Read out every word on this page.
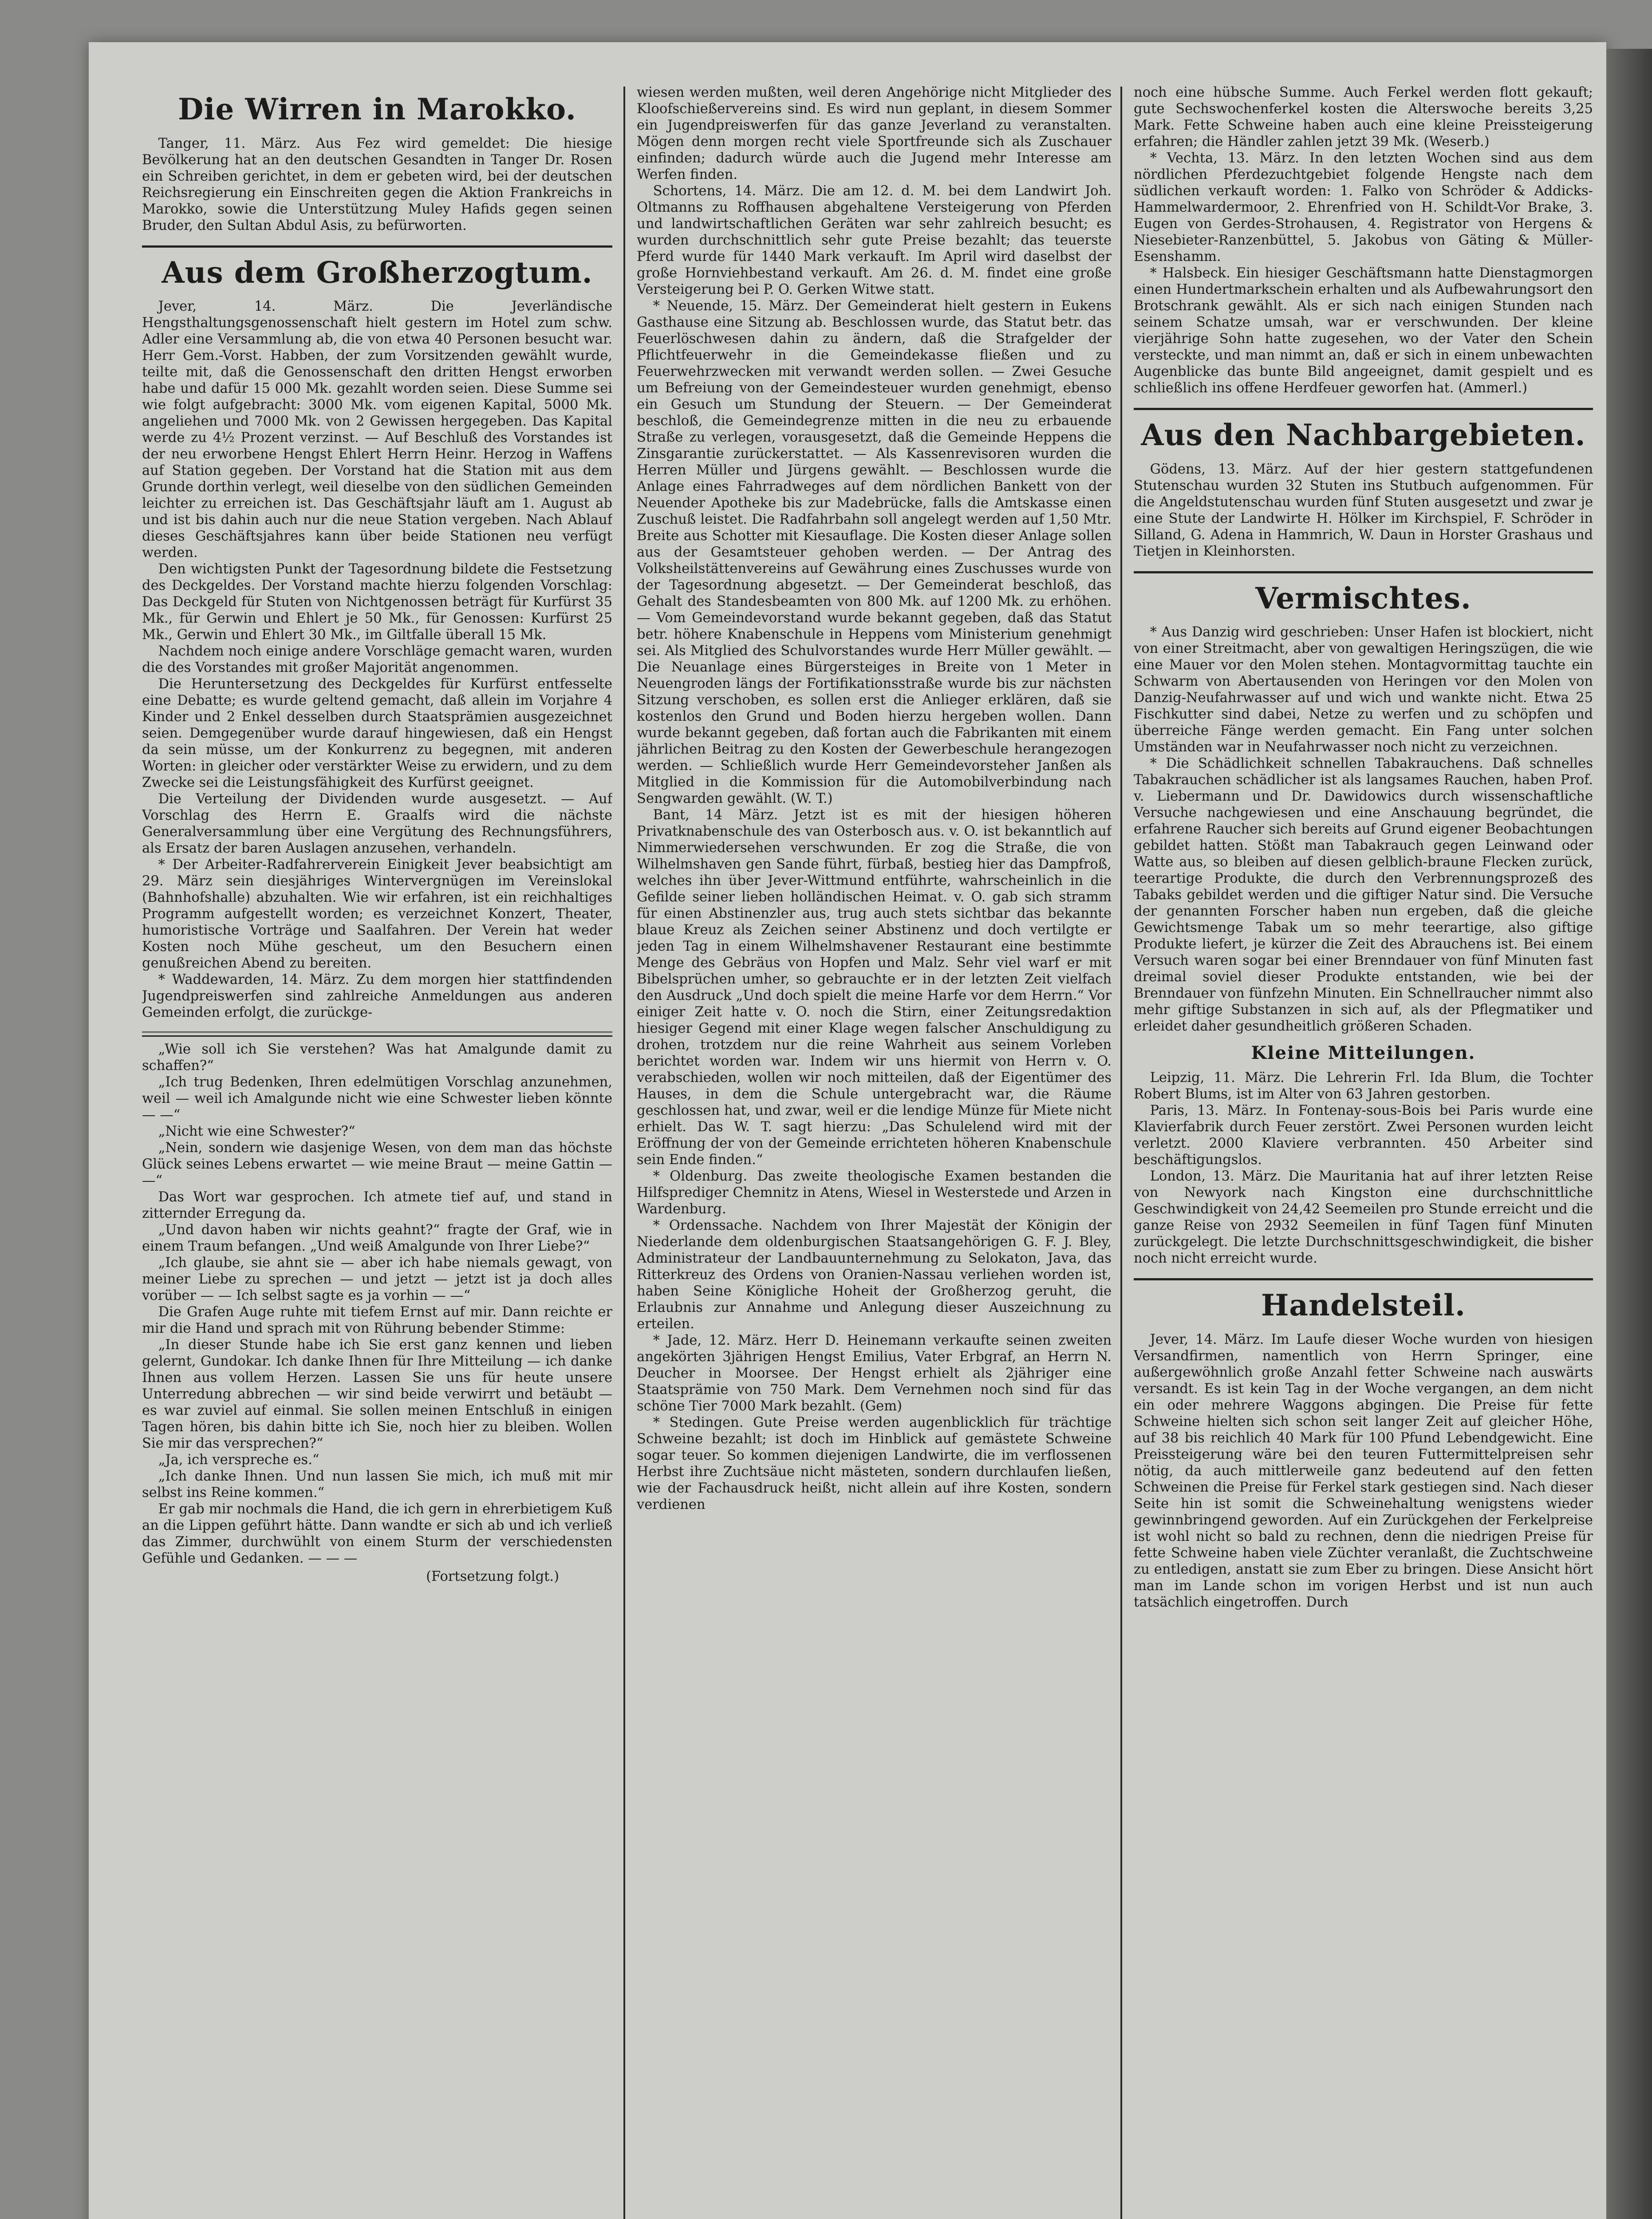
Die Wirren in Marokko.

Tanger, 11. März. Aus Fez wird gemeldet: Die hiesige Bevölkerung hat an den deutschen Gesandten in Tanger Dr. Rosen ein Schreiben gerichtet, in dem er gebeten wird, bei der deutschen Reichsregierung ein Einschreiten gegen die Aktion Frankreichs in Marokko, sowie die Unterstützung Muley Hafids gegen seinen Bruder, den Sultan Abdul Asis, zu befürworten.

Aus dem Großherzogtum.

Jever, 14. März. Die Jeverländische Hengsthaltungsgenossenschaft hielt gestern im Hotel zum schw. Adler eine Versammlung ab, die von etwa 40 Personen besucht war. Herr Gem.-Vorst. Habben, der zum Vorsitzenden gewählt wurde, teilte mit, daß die Genossenschaft den dritten Hengst erworben habe und dafür 15 000 Mk. gezahlt worden seien. Diese Summe sei wie folgt aufgebracht: 3000 Mk. vom eigenen Kapital, 5000 Mk. angeliehen und 7000 Mk. von 2 Gewissen hergegeben. Das Kapital werde zu 4½ Prozent verzinst. — Auf Beschluß des Vorstandes ist der neu erworbene Hengst Ehlert Herrn Heinr. Herzog in Waffens auf Station gegeben. Der Vorstand hat die Station mit aus dem Grunde dorthin verlegt, weil dieselbe von den südlichen Gemeinden leichter zu erreichen ist. Das Geschäftsjahr läuft am 1. August ab und ist bis dahin auch nur die neue Station vergeben. Nach Ablauf dieses Geschäftsjahres kann über beide Stationen neu verfügt werden.

Den wichtigsten Punkt der Tagesordnung bildete die Festsetzung des Deckgeldes. Der Vorstand machte hierzu folgenden Vorschlag: Das Deckgeld für Stuten von Nichtgenossen beträgt für Kurfürst 35 Mk., für Gerwin und Ehlert je 50 Mk., für Genossen: Kurfürst 25 Mk., Gerwin und Ehlert 30 Mk., im Giltfalle überall 15 Mk.

Nachdem noch einige andere Vorschläge gemacht waren, wurden die des Vorstandes mit großer Majorität angenommen.

Die Heruntersetzung des Deckgeldes für Kurfürst entfesselte eine Debatte; es wurde geltend gemacht, daß allein im Vorjahre 4 Kinder und 2 Enkel desselben durch Staatsprämien ausgezeichnet seien. Demgegenüber wurde darauf hingewiesen, daß ein Hengst da sein müsse, um der Konkurrenz zu begegnen, mit anderen Worten: in gleicher oder verstärkter Weise zu erwidern, und zu dem Zwecke sei die Leistungsfähigkeit des Kurfürst geeignet.

Die Verteilung der Dividenden wurde ausgesetzt. — Auf Vorschlag des Herrn E. Graalfs wird die nächste Generalversammlung über eine Vergütung des Rechnungsführers, als Ersatz der baren Auslagen anzusehen, verhandeln.

* Der Arbeiter-Radfahrerverein Einigkeit Jever beabsichtigt am 29. März sein diesjähriges Wintervergnügen im Vereinslokal (Bahnhofshalle) abzuhalten. Wie wir erfahren, ist ein reichhaltiges Programm aufgestellt worden; es verzeichnet Konzert, Theater, humoristische Vorträge und Saalfahren. Der Verein hat weder Kosten noch Mühe gescheut, um den Besuchern einen genußreichen Abend zu bereiten.

* Waddewarden, 14. März. Zu dem morgen hier stattfindenden Jugendpreiswerfen sind zahlreiche Anmeldungen aus anderen Gemeinden erfolgt, die zurückge-

„Wie soll ich Sie verstehen? Was hat Amalgunde damit zu schaffen?“

„Ich trug Bedenken, Ihren edelmütigen Vorschlag anzunehmen, weil — weil ich Amalgunde nicht wie eine Schwester lieben könnte — —“

„Nicht wie eine Schwester?“

„Nein, sondern wie dasjenige Wesen, von dem man das höchste Glück seines Lebens erwartet — wie meine Braut — meine Gattin — —“

Das Wort war gesprochen. Ich atmete tief auf, und stand in zitternder Erregung da.

„Und davon haben wir nichts geahnt?“ fragte der Graf, wie in einem Traum befangen. „Und weiß Amalgunde von Ihrer Liebe?“

„Ich glaube, sie ahnt sie — aber ich habe niemals gewagt, von meiner Liebe zu sprechen — und jetzt — jetzt ist ja doch alles vorüber — — Ich selbst sagte es ja vorhin — —“

Die Grafen Auge ruhte mit tiefem Ernst auf mir. Dann reichte er mir die Hand und sprach mit von Rührung bebender Stimme:

„In dieser Stunde habe ich Sie erst ganz kennen und lieben gelernt, Gundokar. Ich danke Ihnen für Ihre Mitteilung — ich danke Ihnen aus vollem Herzen. Lassen Sie uns für heute unsere Unterredung abbrechen — wir sind beide verwirrt und betäubt — es war zuviel auf einmal. Sie sollen meinen Entschluß in einigen Tagen hören, bis dahin bitte ich Sie, noch hier zu bleiben. Wollen Sie mir das versprechen?“

„Ja, ich verspreche es.“

„Ich danke Ihnen. Und nun lassen Sie mich, ich muß mit mir selbst ins Reine kommen.“

Er gab mir nochmals die Hand, die ich gern in ehrerbietigem Kuß an die Lippen geführt hätte. Dann wandte er sich ab und ich verließ das Zimmer, durchwühlt von einem Sturm der verschiedensten Gefühle und Gedanken. — — —

(Fortsetzung folgt.)

wiesen werden mußten, weil deren Angehörige nicht Mitglieder des Kloofschießervereins sind. Es wird nun geplant, in diesem Sommer ein Jugendpreiswerfen für das ganze Jeverland zu veranstalten. Mögen denn morgen recht viele Sportfreunde sich als Zuschauer einfinden; dadurch würde auch die Jugend mehr Interesse am Werfen finden.

Schortens, 14. März. Die am 12. d. M. bei dem Landwirt Joh. Oltmanns zu Roffhausen abgehaltene Versteigerung von Pferden und landwirtschaftlichen Geräten war sehr zahlreich besucht; es wurden durchschnittlich sehr gute Preise bezahlt; das teuerste Pferd wurde für 1440 Mark verkauft. Im April wird daselbst der große Hornviehbestand verkauft. Am 26. d. M. findet eine große Versteigerung bei P. O. Gerken Witwe statt.

* Neuende, 15. März. Der Gemeinderat hielt gestern in Eukens Gasthause eine Sitzung ab. Beschlossen wurde, das Statut betr. das Feuerlöschwesen dahin zu ändern, daß die Strafgelder der Pflichtfeuerwehr in die Gemeindekasse fließen und zu Feuerwehrzwecken mit verwandt werden sollen. — Zwei Gesuche um Befreiung von der Gemeindesteuer wurden genehmigt, ebenso ein Gesuch um Stundung der Steuern. — Der Gemeinderat beschloß, die Gemeindegrenze mitten in die neu zu erbauende Straße zu verlegen, vorausgesetzt, daß die Gemeinde Heppens die Zinsgarantie zurückerstattet. — Als Kassenrevisoren wurden die Herren Müller und Jürgens gewählt. — Beschlossen wurde die Anlage eines Fahrradweges auf dem nördlichen Bankett von der Neuender Apotheke bis zur Madebrücke, falls die Amtskasse einen Zuschuß leistet. Die Radfahrbahn soll angelegt werden auf 1,50 Mtr. Breite aus Schotter mit Kiesauflage. Die Kosten dieser Anlage sollen aus der Gesamtsteuer gehoben werden. — Der Antrag des Volksheilstättenvereins auf Gewährung eines Zuschusses wurde von der Tagesordnung abgesetzt. — Der Gemeinderat beschloß, das Gehalt des Standesbeamten von 800 Mk. auf 1200 Mk. zu erhöhen. — Vom Gemeindevorstand wurde bekannt gegeben, daß das Statut betr. höhere Knabenschule in Heppens vom Ministerium genehmigt sei. Als Mitglied des Schulvorstandes wurde Herr Müller gewählt. — Die Neuanlage eines Bürgersteiges in Breite von 1 Meter in Neuengroden längs der Fortifikationsstraße wurde bis zur nächsten Sitzung verschoben, es sollen erst die Anlieger erklären, daß sie kostenlos den Grund und Boden hierzu hergeben wollen. Dann wurde bekannt gegeben, daß fortan auch die Fabrikanten mit einem jährlichen Beitrag zu den Kosten der Gewerbeschule herangezogen werden. — Schließlich wurde Herr Gemeindevorsteher Janßen als Mitglied in die Kommission für die Automobilverbindung nach Sengwarden gewählt. (W. T.)

Bant, 14 März. Jetzt ist es mit der hiesigen höheren Privatknabenschule des van Osterbosch aus. v. O. ist bekanntlich auf Nimmerwiedersehen verschwunden. Er zog die Straße, die von Wilhelmshaven gen Sande führt, fürbaß, bestieg hier das Dampfroß, welches ihn über Jever-Wittmund entführte, wahrscheinlich in die Gefilde seiner lieben holländischen Heimat. v. O. gab sich stramm für einen Abstinenzler aus, trug auch stets sichtbar das bekannte blaue Kreuz als Zeichen seiner Abstinenz und doch vertilgte er jeden Tag in einem Wilhelmshavener Restaurant eine bestimmte Menge des Gebräus von Hopfen und Malz. Sehr viel warf er mit Bibelsprüchen umher, so gebrauchte er in der letzten Zeit vielfach den Ausdruck „Und doch spielt die meine Harfe vor dem Herrn.“ Vor einiger Zeit hatte v. O. noch die Stirn, einer Zeitungsredaktion hiesiger Gegend mit einer Klage wegen falscher Anschuldigung zu drohen, trotzdem nur die reine Wahrheit aus seinem Vorleben berichtet worden war. Indem wir uns hiermit von Herrn v. O. verabschieden, wollen wir noch mitteilen, daß der Eigentümer des Hauses, in dem die Schule untergebracht war, die Räume geschlossen hat, und zwar, weil er die lendige Münze für Miete nicht erhielt. Das W. T. sagt hierzu: „Das Schulelend wird mit der Eröffnung der von der Gemeinde errichteten höheren Knabenschule sein Ende finden.“

* Oldenburg. Das zweite theologische Examen bestanden die Hilfsprediger Chemnitz in Atens, Wiesel in Westerstede und Arzen in Wardenburg.

* Ordenssache. Nachdem von Ihrer Majestät der Königin der Niederlande dem oldenburgischen Staatsangehörigen G. F. J. Bley, Administrateur der Landbauunternehmung zu Selokaton, Java, das Ritterkreuz des Ordens von Oranien-Nassau verliehen worden ist, haben Seine Königliche Hoheit der Großherzog geruht, die Erlaubnis zur Annahme und Anlegung dieser Auszeichnung zu erteilen.

* Jade, 12. März. Herr D. Heinemann verkaufte seinen zweiten angekörten 3jährigen Hengst Emilius, Vater Erbgraf, an Herrn N. Deucher in Moorsee. Der Hengst erhielt als 2jähriger eine Staatsprämie von 750 Mark. Dem Vernehmen noch sind für das schöne Tier 7000 Mark bezahlt. (Gem)

* Stedingen. Gute Preise werden augenblicklich für trächtige Schweine bezahlt; ist doch im Hinblick auf gemästete Schweine sogar teuer. So kommen diejenigen Landwirte, die im verflossenen Herbst ihre Zuchtsäue nicht mästeten, sondern durchlaufen ließen, wie der Fachausdruck heißt, nicht allein auf ihre Kosten, sondern verdienen

noch eine hübsche Summe. Auch Ferkel werden flott gekauft; gute Sechswochenferkel kosten die Alterswoche bereits 3,25 Mark. Fette Schweine haben auch eine kleine Preissteigerung erfahren; die Händler zahlen jetzt 39 Mk. (Weserb.)

* Vechta, 13. März. In den letzten Wochen sind aus dem nördlichen Pferdezuchtgebiet folgende Hengste nach dem südlichen verkauft worden: 1. Falko von Schröder & Addicks-Hammelwardermoor, 2. Ehrenfried von H. Schildt-Vor Brake, 3. Eugen von Gerdes-Strohausen, 4. Registrator von Hergens & Niesebieter-Ranzenbüttel, 5. Jakobus von Gäting & Müller-Esenshamm.

* Halsbeck. Ein hiesiger Geschäftsmann hatte Dienstagmorgen einen Hundertmarkschein erhalten und als Aufbewahrungsort den Brotschrank gewählt. Als er sich nach einigen Stunden nach seinem Schatze umsah, war er verschwunden. Der kleine vierjährige Sohn hatte zugesehen, wo der Vater den Schein versteckte, und man nimmt an, daß er sich in einem unbewachten Augenblicke das bunte Bild angeeignet, damit gespielt und es schließlich ins offene Herdfeuer geworfen hat. (Ammerl.)

Aus den Nachbargebieten.

Gödens, 13. März. Auf der hier gestern stattgefundenen Stutenschau wurden 32 Stuten ins Stutbuch aufgenommen. Für die Angeldstutenschau wurden fünf Stuten ausgesetzt und zwar je eine Stute der Landwirte H. Hölker im Kirchspiel, F. Schröder in Silland, G. Adena in Hammrich, W. Daun in Horster Grashaus und Tietjen in Kleinhorsten.

Vermischtes.

* Aus Danzig wird geschrieben: Unser Hafen ist blockiert, nicht von einer Streitmacht, aber von gewaltigen Heringszügen, die wie eine Mauer vor den Molen stehen. Montagvormittag tauchte ein Schwarm von Abertausenden von Heringen vor den Molen von Danzig-Neufahrwasser auf und wich und wankte nicht. Etwa 25 Fischkutter sind dabei, Netze zu werfen und zu schöpfen und überreiche Fänge werden gemacht. Ein Fang unter solchen Umständen war in Neufahrwasser noch nicht zu verzeichnen.

* Die Schädlichkeit schnellen Tabakrauchens. Daß schnelles Tabakrauchen schädlicher ist als langsames Rauchen, haben Prof. v. Liebermann und Dr. Dawidowics durch wissenschaftliche Versuche nachgewiesen und eine Anschauung begründet, die erfahrene Raucher sich bereits auf Grund eigener Beobachtungen gebildet hatten. Stößt man Tabakrauch gegen Leinwand oder Watte aus, so bleiben auf diesen gelblich-braune Flecken zurück, teerartige Produkte, die durch den Verbrennungsprozeß des Tabaks gebildet werden und die giftiger Natur sind. Die Versuche der genannten Forscher haben nun ergeben, daß die gleiche Gewichtsmenge Tabak um so mehr teerartige, also giftige Produkte liefert, je kürzer die Zeit des Abrauchens ist. Bei einem Versuch waren sogar bei einer Brenndauer von fünf Minuten fast dreimal soviel dieser Produkte entstanden, wie bei der Brenndauer von fünfzehn Minuten. Ein Schnellraucher nimmt also mehr giftige Substanzen in sich auf, als der Pflegmatiker und erleidet daher gesundheitlich größeren Schaden.

Kleine Mitteilungen.

Leipzig, 11. März. Die Lehrerin Frl. Ida Blum, die Tochter Robert Blums, ist im Alter von 63 Jahren gestorben.

Paris, 13. März. In Fontenay-sous-Bois bei Paris wurde eine Klavierfabrik durch Feuer zerstört. Zwei Personen wurden leicht verletzt. 2000 Klaviere verbrannten. 450 Arbeiter sind beschäftigungslos.

London, 13. März. Die Mauritania hat auf ihrer letzten Reise von Newyork nach Kingston eine durchschnittliche Geschwindigkeit von 24,42 Seemeilen pro Stunde erreicht und die ganze Reise von 2932 Seemeilen in fünf Tagen fünf Minuten zurückgelegt. Die letzte Durchschnittsgeschwindigkeit, die bisher noch nicht erreicht wurde.

Handelsteil.

Jever, 14. März. Im Laufe dieser Woche wurden von hiesigen Versandfirmen, namentlich von Herrn Springer, eine außergewöhnlich große Anzahl fetter Schweine nach auswärts versandt. Es ist kein Tag in der Woche vergangen, an dem nicht ein oder mehrere Waggons abgingen. Die Preise für fette Schweine hielten sich schon seit langer Zeit auf gleicher Höhe, auf 38 bis reichlich 40 Mark für 100 Pfund Lebendgewicht. Eine Preissteigerung wäre bei den teuren Futtermittelpreisen sehr nötig, da auch mittlerweile ganz bedeutend auf den fetten Schweinen die Preise für Ferkel stark gestiegen sind. Nach dieser Seite hin ist somit die Schweinehaltung wenigstens wieder gewinnbringend geworden. Auf ein Zurückgehen der Ferkelpreise ist wohl nicht so bald zu rechnen, denn die niedrigen Preise für fette Schweine haben viele Züchter veranlaßt, die Zuchtschweine zu entledigen, anstatt sie zum Eber zu bringen. Diese Ansicht hört man im Lande schon im vorigen Herbst und ist nun auch tatsächlich eingetroffen. Durch
